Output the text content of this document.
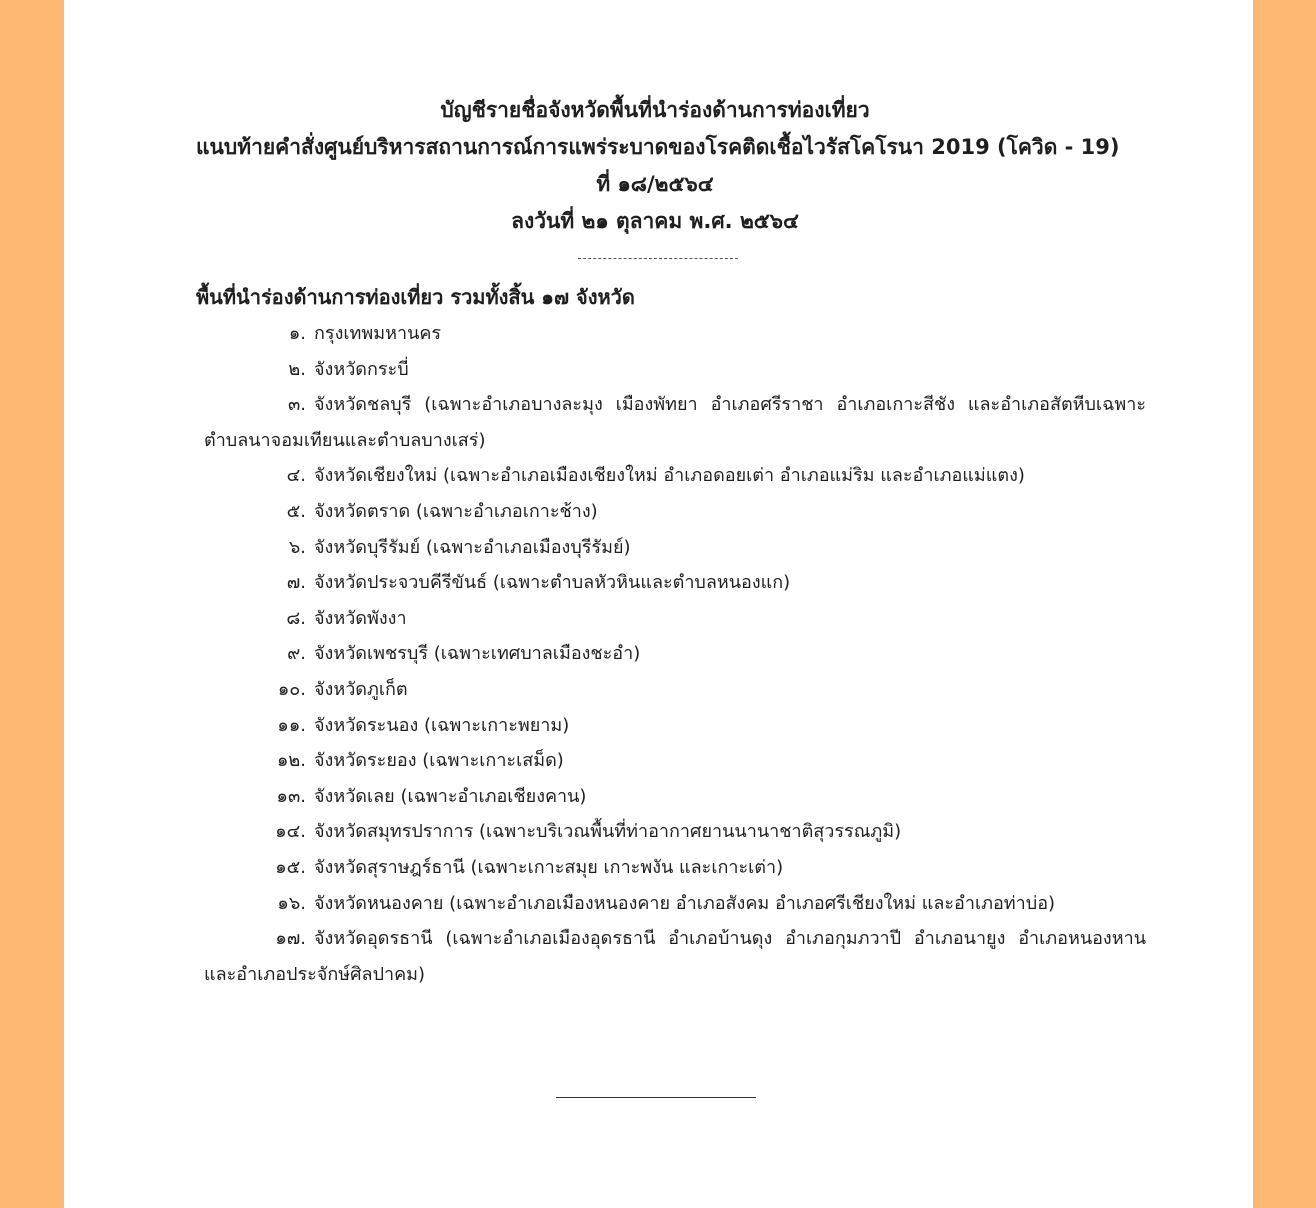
บัญชีรายชื่อจังหวัดพื้นที่นำร่องด้านการท่องเที่ยว
แนบท้ายคำสั่งศูนย์บริหารสถานการณ์การแพร่ระบาดของโรคติดเชื้อไวรัสโคโรนา 2019 (โควิด - 19)
ที่ ๑๘/๒๕๖๔
ลงวันที่ ๒๑ ตุลาคม พ.ศ. ๒๕๖๔
พื้นที่นำร่องด้านการท่องเที่ยว รวมทั้งสิ้น ๑๗ จังหวัด
๑. กรุงเทพมหานคร
๒. จังหวัดกระบี่
๓. จังหวัดชลบุรี (เฉพาะอำเภอบางละมุง เมืองพัทยา อำเภอศรีราชา อำเภอเกาะสีชัง และอำเภอสัตหีบเฉพาะตำบลนาจอมเทียนและตำบลบางเสร่)
๔. จังหวัดเชียงใหม่ (เฉพาะอำเภอเมืองเชียงใหม่ อำเภอดอยเต่า อำเภอแม่ริม และอำเภอแม่แตง)
๕. จังหวัดตราด (เฉพาะอำเภอเกาะช้าง)
๖. จังหวัดบุรีรัมย์ (เฉพาะอำเภอเมืองบุรีรัมย์)
๗. จังหวัดประจวบคีรีขันธ์ (เฉพาะตำบลหัวหินและตำบลหนองแก)
๘. จังหวัดพังงา
๙. จังหวัดเพชรบุรี (เฉพาะเทศบาลเมืองชะอำ)
๑๐. จังหวัดภูเก็ต
๑๑. จังหวัดระนอง (เฉพาะเกาะพยาม)
๑๒. จังหวัดระยอง (เฉพาะเกาะเสม็ด)
๑๓. จังหวัดเลย (เฉพาะอำเภอเชียงคาน)
๑๔. จังหวัดสมุทรปราการ (เฉพาะบริเวณพื้นที่ท่าอากาศยานนานาชาติสุวรรณภูมิ)
๑๕. จังหวัดสุราษฎร์ธานี (เฉพาะเกาะสมุย เกาะพงัน และเกาะเต่า)
๑๖. จังหวัดหนองคาย (เฉพาะอำเภอเมืองหนองคาย อำเภอสังคม อำเภอศรีเชียงใหม่ และอำเภอท่าบ่อ)
๑๗. จังหวัดอุดรธานี (เฉพาะอำเภอเมืองอุดรธานี อำเภอบ้านดุง อำเภอกุมภวาปี อำเภอนายูง อำเภอหนองหาน และอำเภอประจักษ์ศิลปาคม)
